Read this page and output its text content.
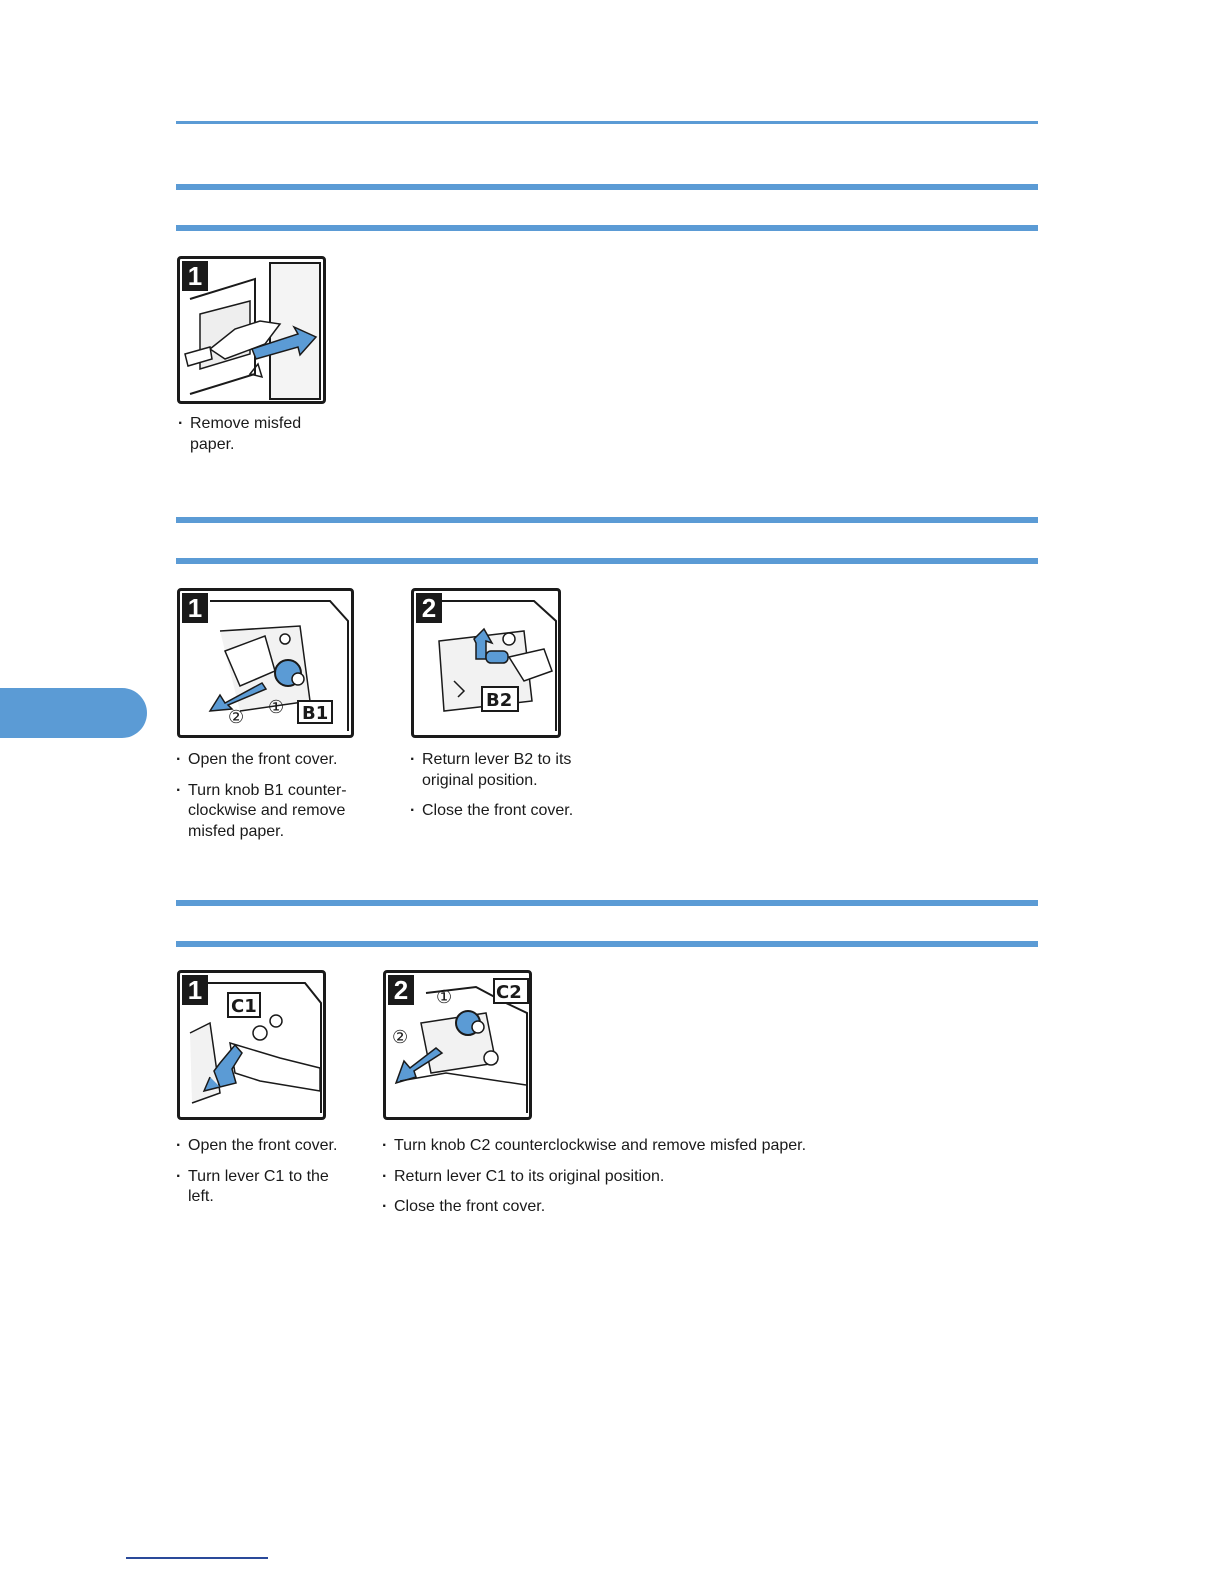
1
· Remove misfed paper.
② ① B1
1
· Open the front cover.
· Turn knob B1 counter-clockwise and remove misfed paper.
B2
2
· Return lever B2 to its original position.
· Close the front cover.
C1
1
· Open the front cover.
· Turn lever C1 to the left.
①
②
C2
2
· Turn knob C2 counterclockwise and remove misfed paper.
· Return lever C1 to its original position.
· Close the front cover.
